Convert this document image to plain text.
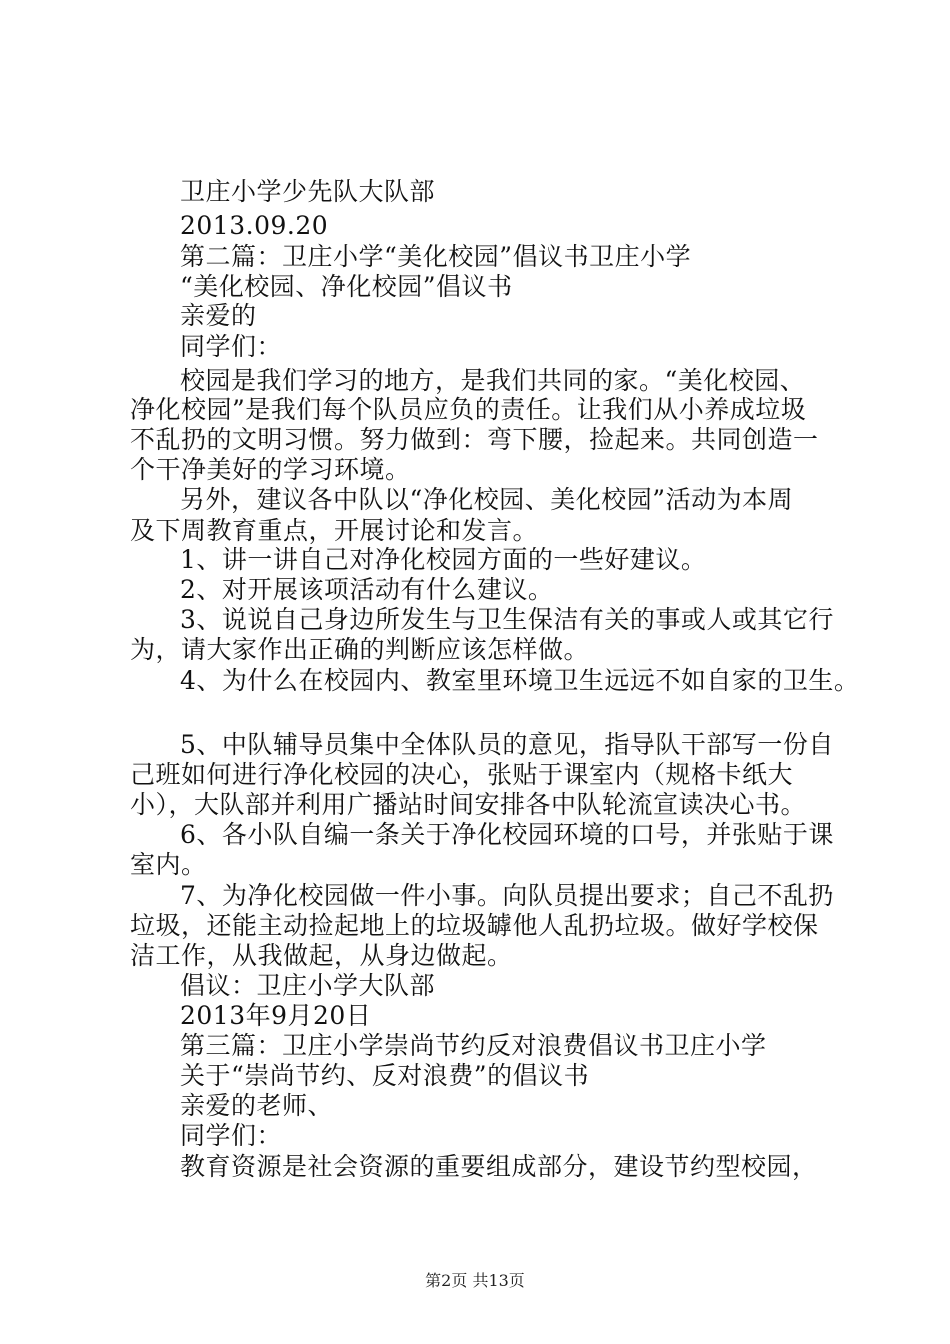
卫庄小学少先队大队部
2013.09.20
第二篇：卫庄小学“美化校园”倡议书卫庄小学
“美化校园、净化校园”倡议书
亲爱的
同学们：
校园是我们学习的地方，是我们共同的家。“美化校园、
净化校园”是我们每个队员应负的责任。让我们从小养成垃圾
不乱扔的文明习惯。努力做到：弯下腰，捡起来。共同创造一
个干净美好的学习环境。
另外，建议各中队以“净化校园、美化校园”活动为本周
及下周教育重点，开展讨论和发言。
1、讲一讲自己对净化校园方面的一些好建议。
2、对开展该项活动有什么建议。
3、说说自己身边所发生与卫生保洁有关的事或人或其它行
为，请大家作出正确的判断应该怎样做。
4、为什么在校园内、教室里环境卫生远远不如自家的卫生。
5、中队辅导员集中全体队员的意见，指导队干部写一份自
己班如何进行净化校园的决心，张贴于课室内（规格卡纸大
小），大队部并利用广播站时间安排各中队轮流宣读决心书。
6、各小队自编一条关于净化校园环境的口号，并张贴于课
室内。
7、为净化校园做一件小事。向队员提出要求；自己不乱扔
垃圾，还能主动捡起地上的垃圾罅他人乱扔垃圾。做好学校保
洁工作，从我做起，从身边做起。
倡议：卫庄小学大队部
2013年9月20日
第三篇：卫庄小学崇尚节约反对浪费倡议书卫庄小学
关于“崇尚节约、反对浪费”的倡议书
亲爱的老师、
同学们：
教育资源是社会资源的重要组成部分，建设节约型校园，
第2页 共13页
